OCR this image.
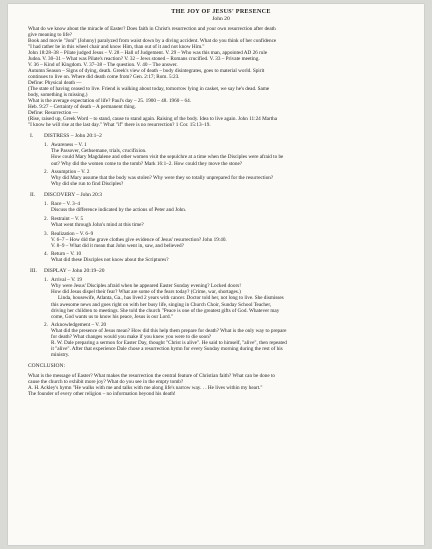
THE JOY OF JESUS' PRESENCE
John 20
What do we know about the miracle of Easter? Does faith in Christ's resurrection and your own resurrection after death
give meaning to life?
Book and movie "Joni" (Johnny) paralyzed from waist down by a diving accident. What do you think of her confidence
"I had rather be in this wheel chair and know Him, than out of it and not know Him."
John 18:28–38 – Pilate judged Jesus – V. 28 – Hall of Judgement. V. 29 – Who was this man, appointed AD 26 rule
Judea. V. 30–31 – What was Pilate's reaction? V. 32 – Jews stoned – Romans crucified. V. 33 – Private meeting.
V. 36 – Kind of Kingdom. V. 37–38 – The question. V. 40 – The answer.
Autumn Season – Signs of dying, death. Greek's view of death – body disintegrates, goes to material world. Spirit
continues to live on. Where did death come from? Gen. 2:17; Rom. 5:23.
Define: Physical death —
(The state of having ceased to live. Friend is walking about today, tomorrow lying in casket, we say he's dead. Same
body, something is missing.)
What is the average expectation of life? Paul's day – 25. 1900 – 48. 1960 – 64.
Heb. 9:27 – Certainty of death – A permanent thing.
Define: Resurrection —
(Rise, raised up, Greek Word – to stand, cause to stand again. Raising of the body. Idea to live again. John 11:24 Martha
"I know he will rise at the last day." What "if" there is no resurrection? 1 Cor. 15:13–19.
I. DISTRESS – John 20:1–2
1. Awareness – V. 1
The Passover, Gethsemane, trials, crucifixion.
How could Mary Magdalene and other women visit the sepulchre at a time when the Disciples were afraid to be
out? Why did the women come to the tomb? Mark 16:1–2. How could they move the stone?
2. Assumption – V. 2
Why did Mary assume that the body was stolen? Why were they so totally unprepared for the resurrection?
Why did she run to find Disciples?
II. DISCOVERY – John 20:3
1. Race – V. 3–4
Discuss the difference indicated by the actions of Peter and John.
2. Restraint – V. 5
What went through John's mind at this time?
3. Realization – V. 6–9
V. 6–7 – How did the grave clothes give evidence of Jesus' resurrection? John 19:40.
V. 8–9 – What did it mean that John went in, saw, and believed?
4. Return – V. 10
What did these Disciples not know about the Scriptures?
III. DISPLAY – John 20:19–20
1. Arrival – V. 19
Why were Jesus' Disciples afraid when he appeared Easter Sunday evening? Locked doors!
How did Jesus dispel their fear? What are some of the fears today? (Crime, war, shortages.)
Linda, housewife, Atlanta, Ga., has lived 2 years with cancer. Doctor told her, not long to live. She dismisses
this awesome news and goes right on with her busy life, singing in Church Choir, Sunday School Teacher,
driving her children to meetings. She told the church "Peace is one of the greatest gifts of God. Whatever may
come, God wants us to know his peace, Jesus is our Lord."
2. Acknowledgement – V. 20
What did the presence of Jesus mean? How did this help them prepare for death? What is the only way to prepare
for death? What changes would you make if you knew you were to die soon?
R. W. Dale preparing a sermon for Easter Day, thought "Christ is alive". He said to himself, "alive", then repeated
it "alive". After that experience Dale chose a resurrection hymn for every Sunday morning during the rest of his
ministry.
CONCLUSION:
What is the message of Easter? What makes the resurrection the central feature of Christian faith? What can be done to
cause the church to exhibit more joy? What do you see in the empty tomb?
A. H. Ackley's hymn "He walks with me and talks with me along life's narrow way. . . He lives within my heart."
The founder of every other religion – no information beyond his death!
